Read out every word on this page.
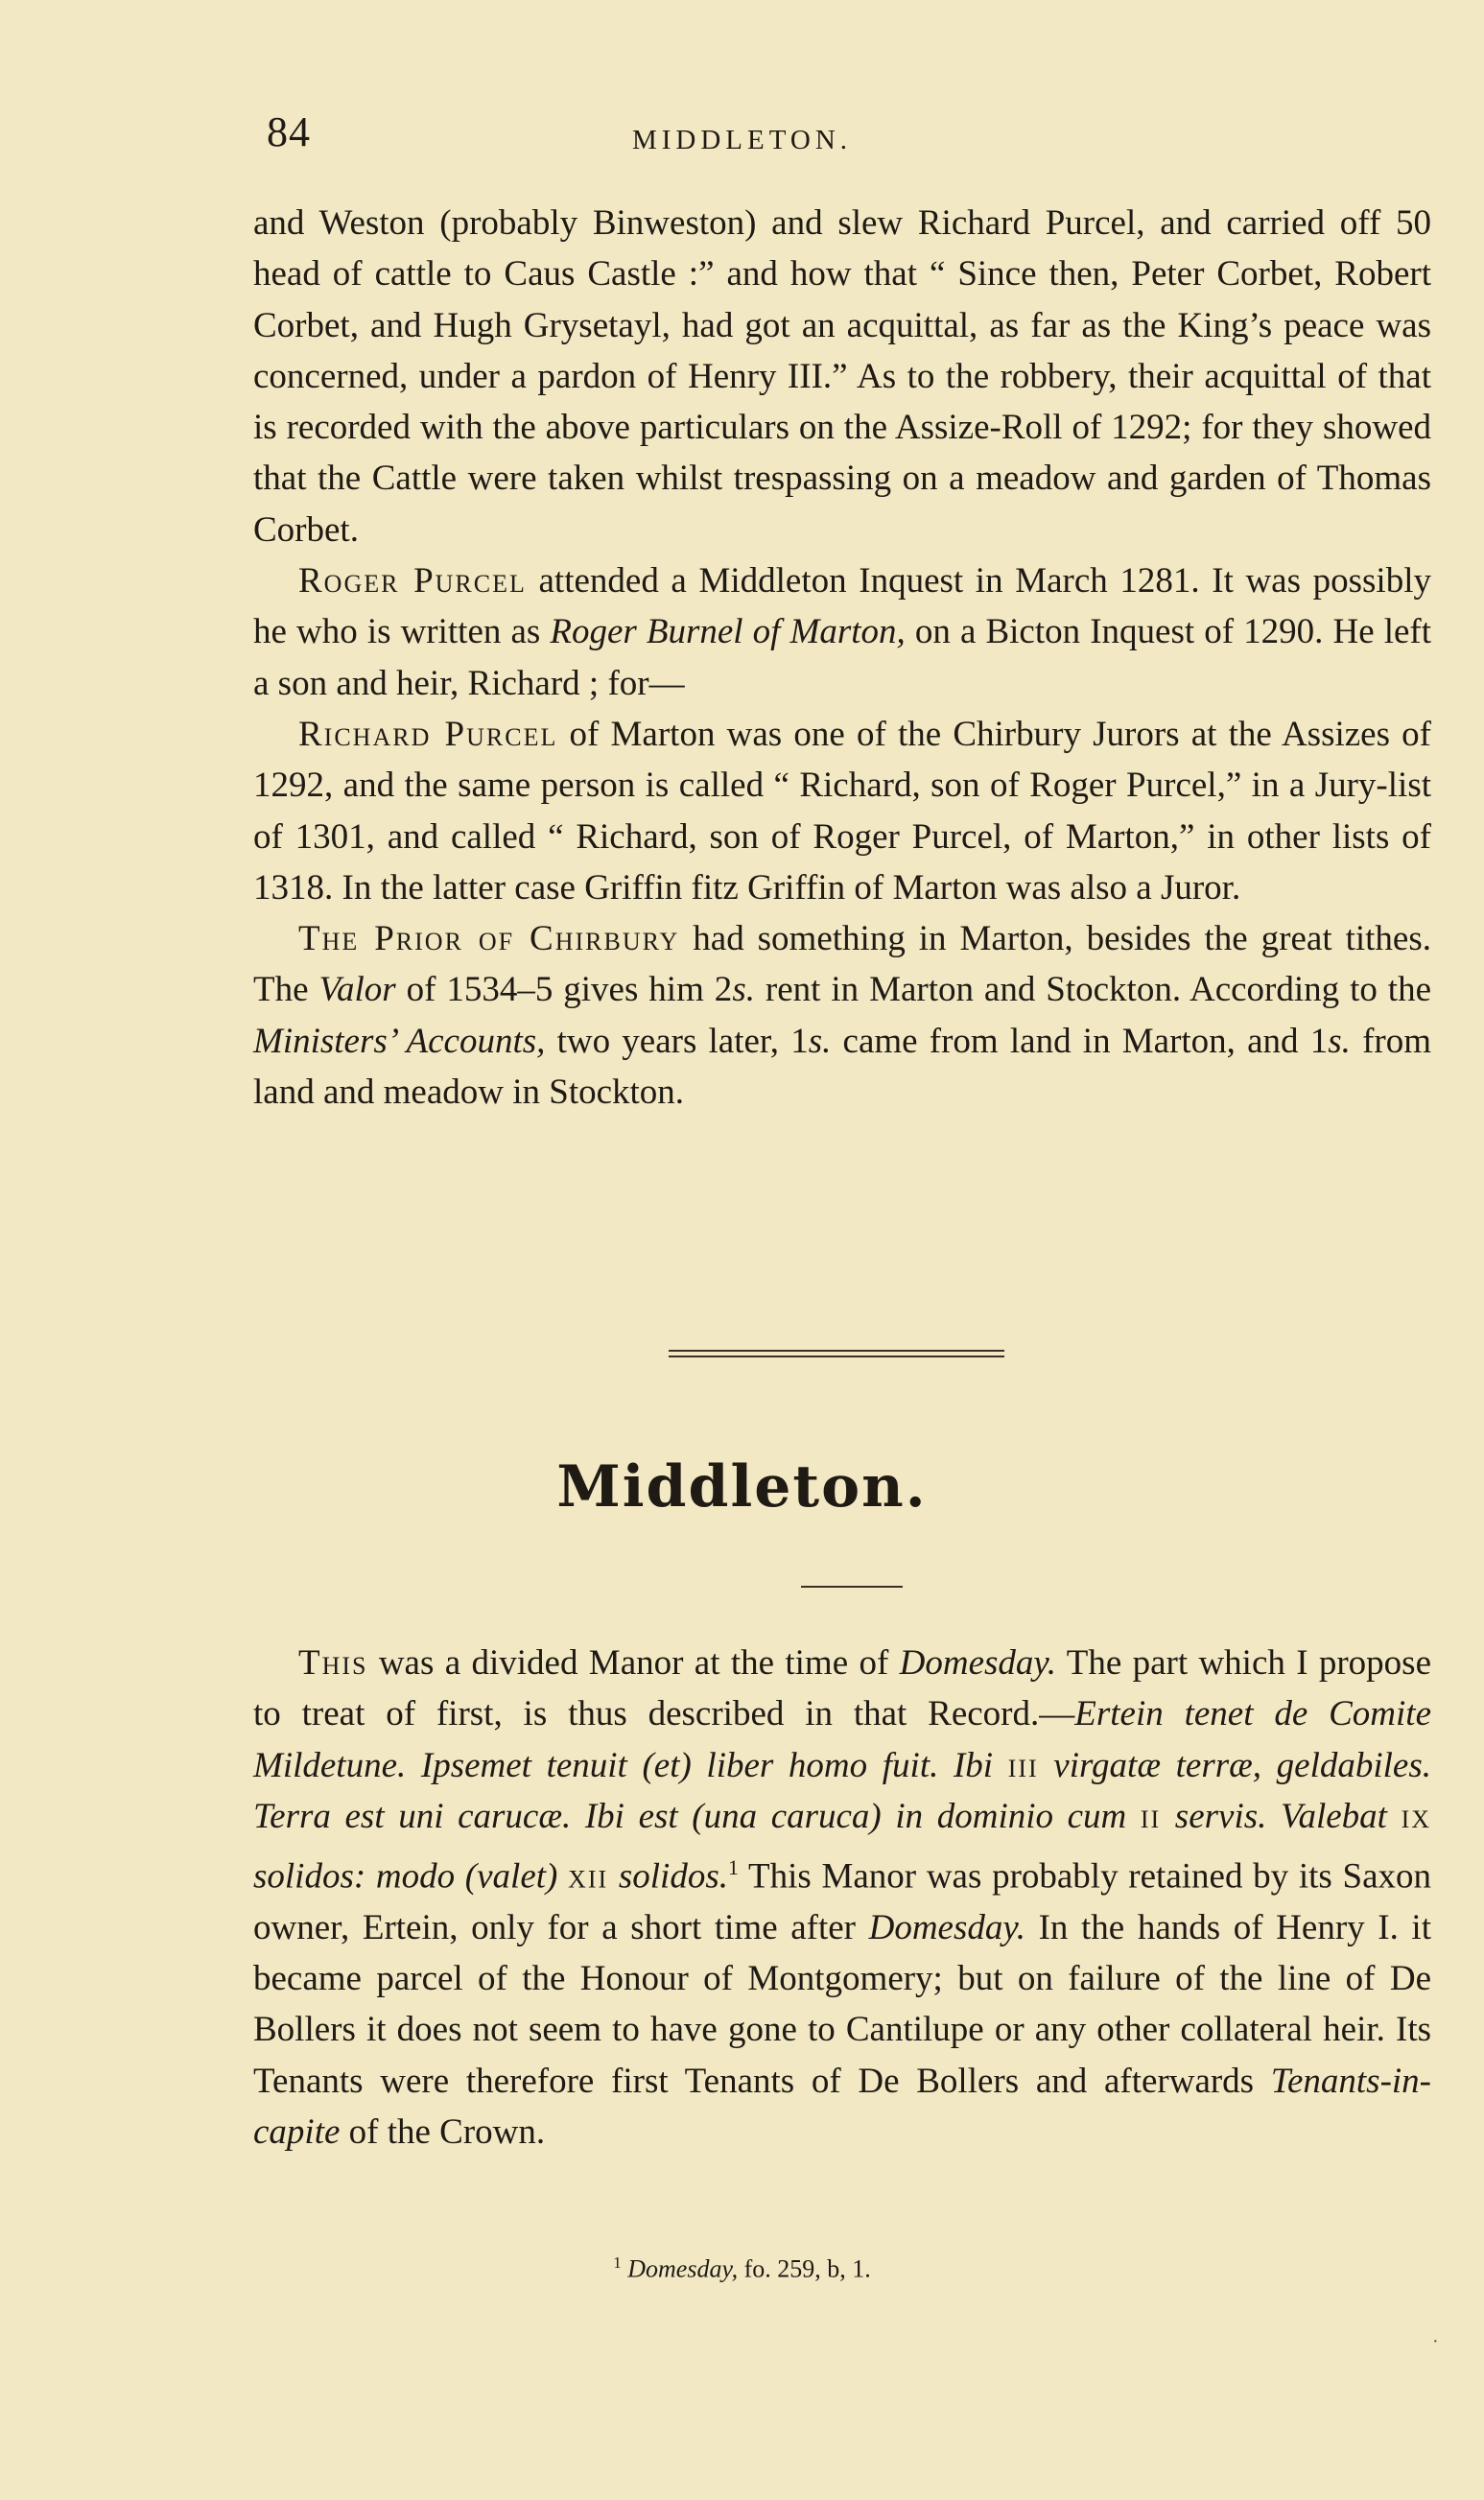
84	MIDDLETON.

and Weston (probably Binweston) and slew Richard Purcel, and carried off 50 head of cattle to Caus Castle :” and how that “ Since then, Peter Corbet, Robert Corbet, and Hugh Grysetayl, had got an acquittal, as far as the King’s peace was concerned, under a pardon of Henry III.” As to the robbery, their acquittal of that is recorded with the above particulars on the Assize-Roll of 1292; for they showed that the Cattle were taken whilst trespassing on a meadow and garden of Thomas Corbet.

Roger Purcel attended a Middleton Inquest in March 1281. It was possibly he who is written as Roger Burnel of Marton, on a Bicton Inquest of 1290. He left a son and heir, Richard ; for—

Richard Purcel of Marton was one of the Chirbury Jurors at the Assizes of 1292, and the same person is called “ Richard, son of Roger Purcel,” in a Jury-list of 1301, and called “ Richard, son of Roger Purcel, of Marton,” in other lists of 1318. In the latter case Griffin fitz Griffin of Marton was also a Juror.

The Prior of Chirbury had something in Marton, besides the great tithes. The Valor of 1534–5 gives him 2s. rent in Marton and Stockton. According to the Ministers’ Accounts, two years later, 1s. came from land in Marton, and 1s. from land and meadow in Stockton.

Middleton.

This was a divided Manor at the time of Domesday. The part which I propose to treat of first, is thus described in that Record.—Ertein tenet de Comite Mildetune. Ipsemet tenuit (et) liber homo fuit. Ibi iii virgatæ terræ, geldabiles. Terra est uni carucæ. Ibi est (una caruca) in dominio cum ii servis. Valebat ix solidos: modo (valet) xii solidos.$^1$ This Manor was probably retained by its Saxon owner, Ertein, only for a short time after Domesday. In the hands of Henry I. it became parcel of the Honour of Montgomery; but on failure of the line of De Bollers it does not seem to have gone to Cantilupe or any other collateral heir. Its Tenants were therefore first Tenants of De Bollers and afterwards Tenants-in-capite of the Crown.

$^1$ Domesday, fo. 259, b, 1.
·
